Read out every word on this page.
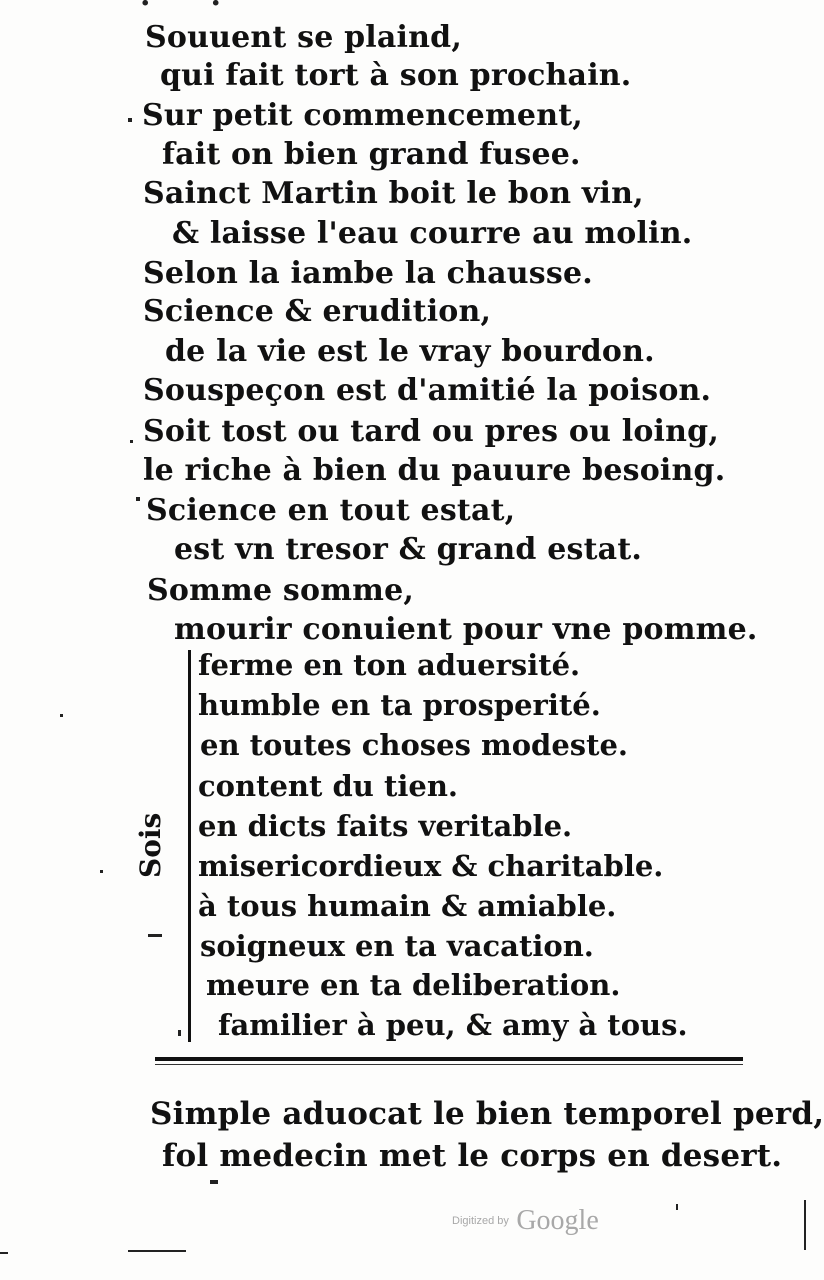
Souuent se plaind,
qui fait tort à son prochain.
Sur petit commencement,
fait on bien grand fusee.
Sainct Martin boit le bon vin,
& laisse l'eau courre au molin.
Selon la iambe la chausse.
Science & erudition,
de la vie est le vray bourdon.
Souspeçon est d'amitié la poison.
Soit tost ou tard ou pres ou loing,
le riche à bien du pauure besoing.
Science en tout estat,
est vn tresor & grand estat.
Somme somme,
mourir conuient pour vne pomme.
Sois
ferme en ton aduersité.
humble en ta prosperité.
en toutes choses modeste.
content du tien.
en dicts faits veritable.
misericordieux & charitable.
à tous humain & amiable.
soigneux en ta vacation.
meure en ta deliberation.
familier à peu, & amy à tous.
Simple aduocat le bien temporel perd,
fol medecin met le corps en desert.
Digitized by Google
